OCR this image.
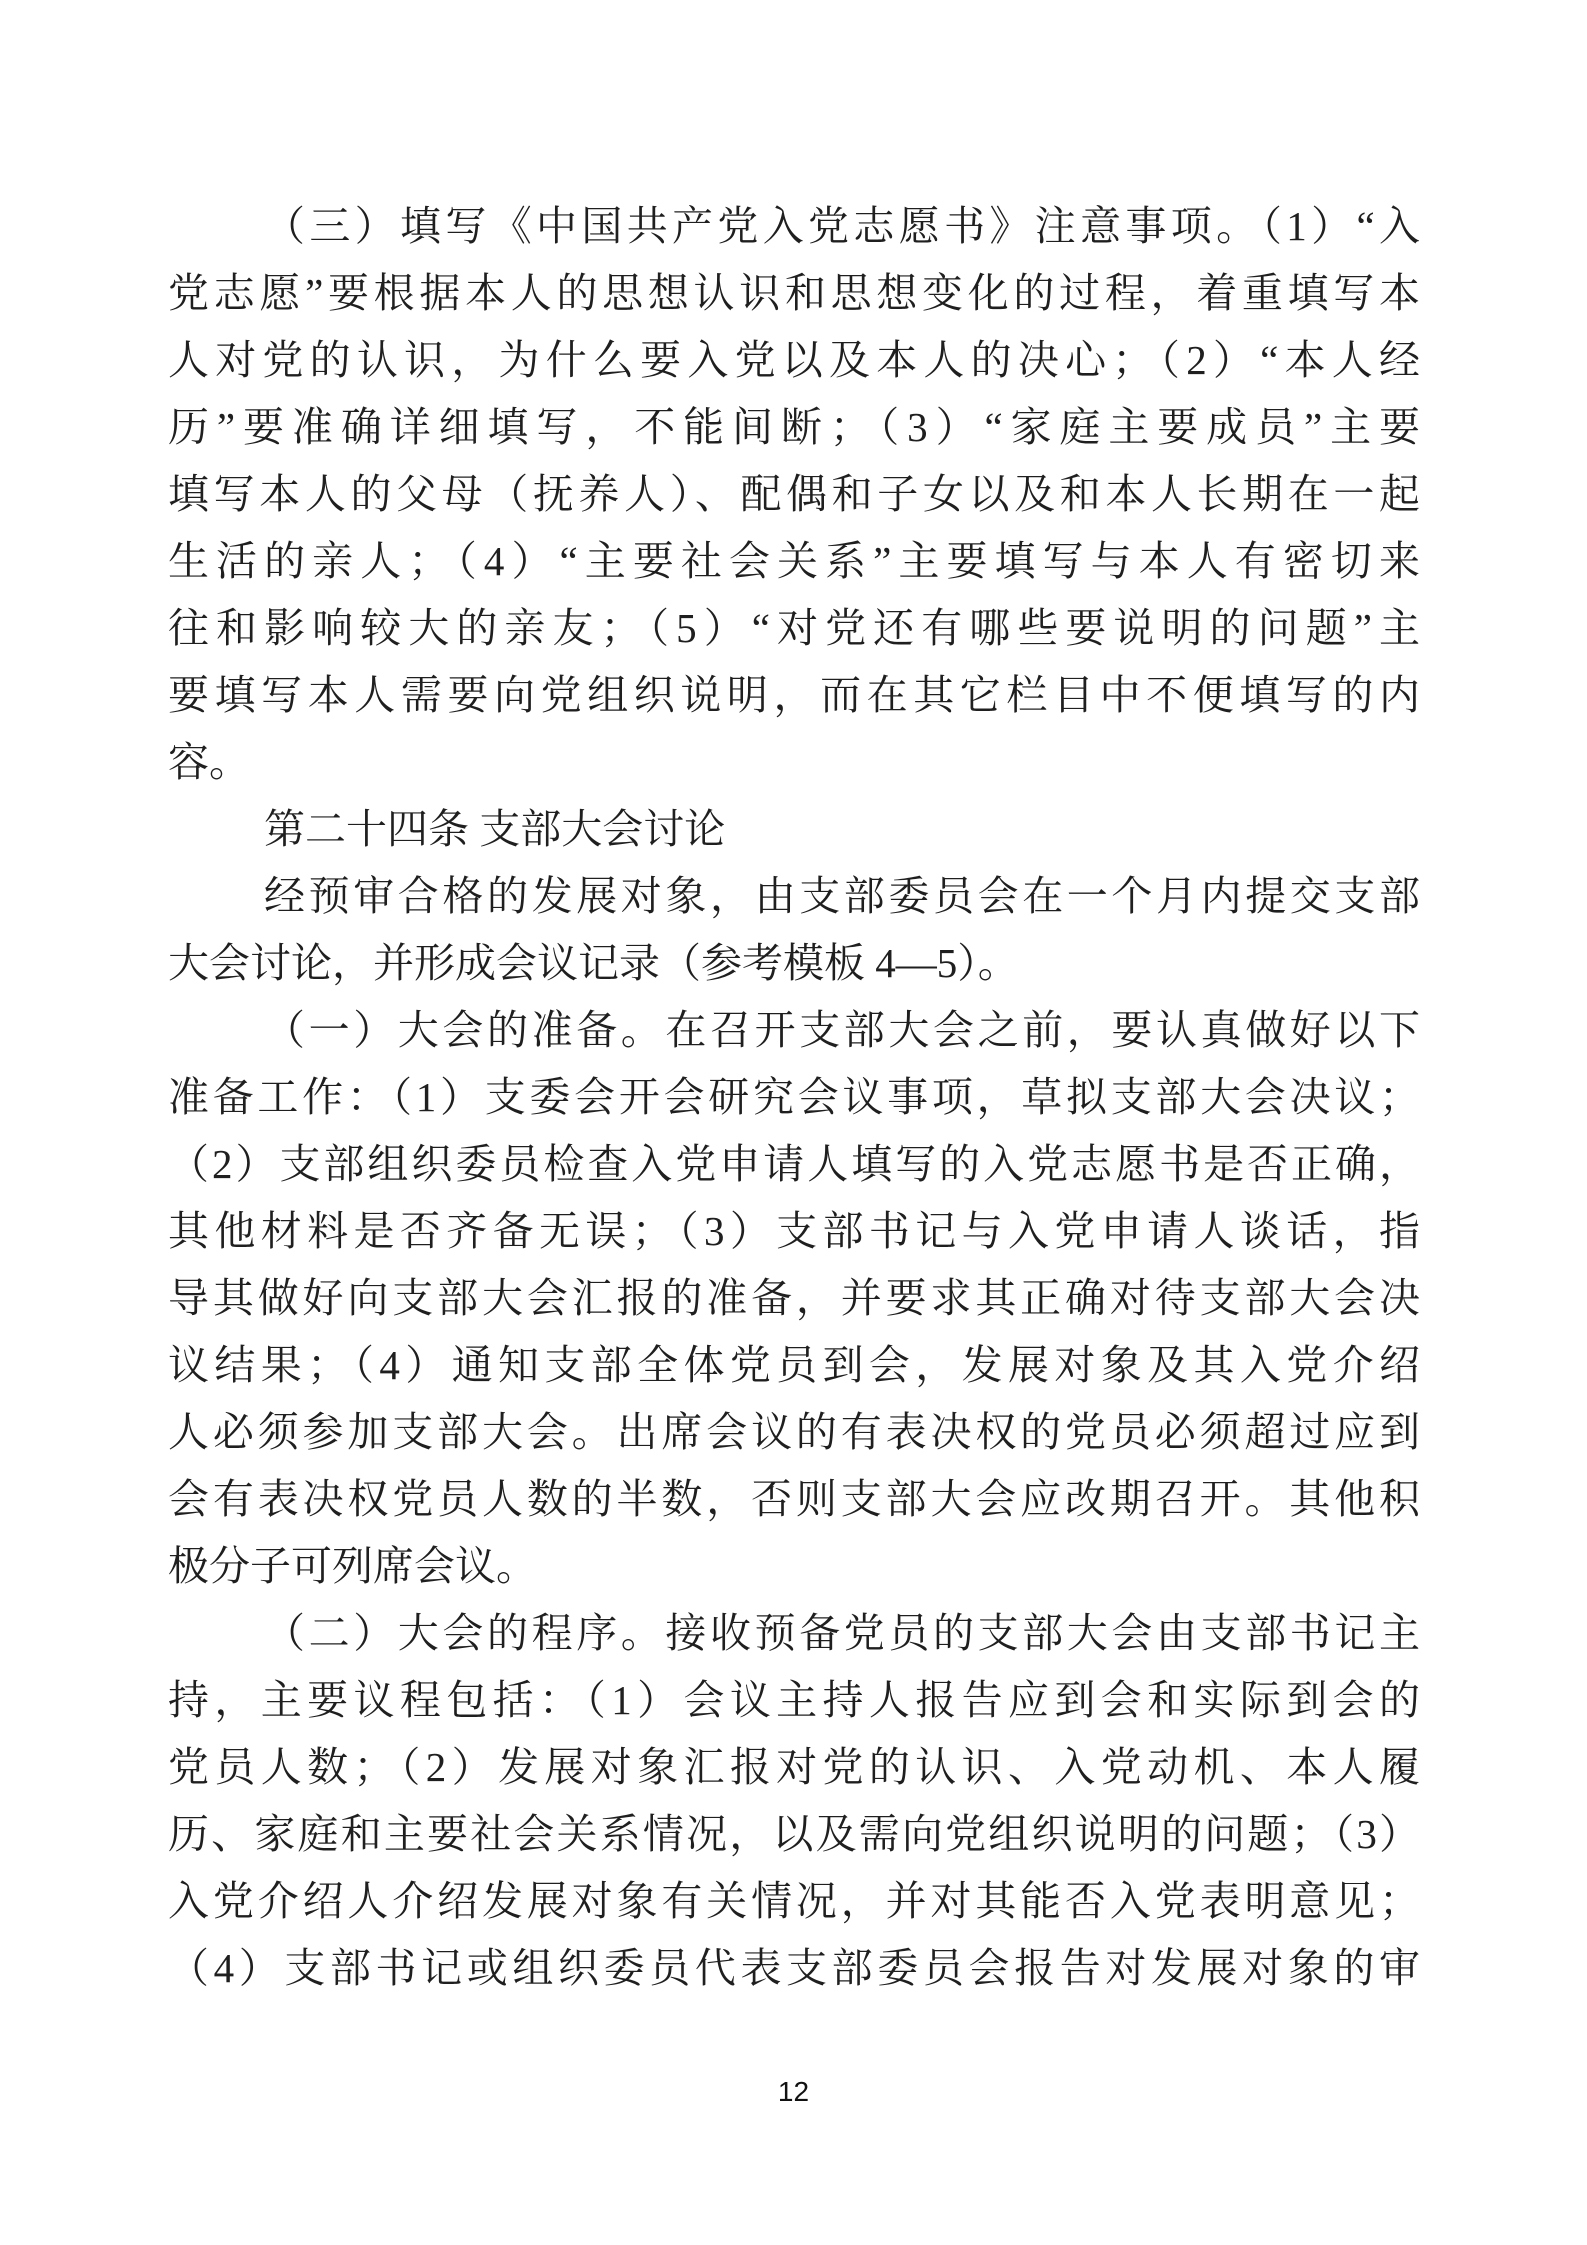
（三）填写《中国共产党入党志愿书》注意事项。（1）“入
党志愿”要根据本人的思想认识和思想变化的过程，着重填写本
人对党的认识，为什么要入党以及本人的决心；（2）“本人经
历”要准确详细填写，不能间断；（3）“家庭主要成员”主要
填写本人的父母（抚养人）、配偶和子女以及和本人长期在一起
生活的亲人；（4）“主要社会关系”主要填写与本人有密切来
往和影响较大的亲友；（5）“对党还有哪些要说明的问题”主
要填写本人需要向党组织说明，而在其它栏目中不便填写的内
容。
第二十四条 支部大会讨论
经预审合格的发展对象，由支部委员会在一个月内提交支部
大会讨论，并形成会议记录（参考模板 4—5）。
（一）大会的准备。在召开支部大会之前，要认真做好以下
准备工作：（1）支委会开会研究会议事项，草拟支部大会决议；
（2）支部组织委员检查入党申请人填写的入党志愿书是否正确，
其他材料是否齐备无误；（3）支部书记与入党申请人谈话，指
导其做好向支部大会汇报的准备，并要求其正确对待支部大会决
议结果；（4）通知支部全体党员到会，发展对象及其入党介绍
人必须参加支部大会。出席会议的有表决权的党员必须超过应到
会有表决权党员人数的半数，否则支部大会应改期召开。其他积
极分子可列席会议。
（二）大会的程序。接收预备党员的支部大会由支部书记主
持，主要议程包括：（1）会议主持人报告应到会和实际到会的
党员人数；（2）发展对象汇报对党的认识、入党动机、本人履
历、家庭和主要社会关系情况，以及需向党组织说明的问题；（3）
入党介绍人介绍发展对象有关情况，并对其能否入党表明意见；
（4）支部书记或组织委员代表支部委员会报告对发展对象的审
12
